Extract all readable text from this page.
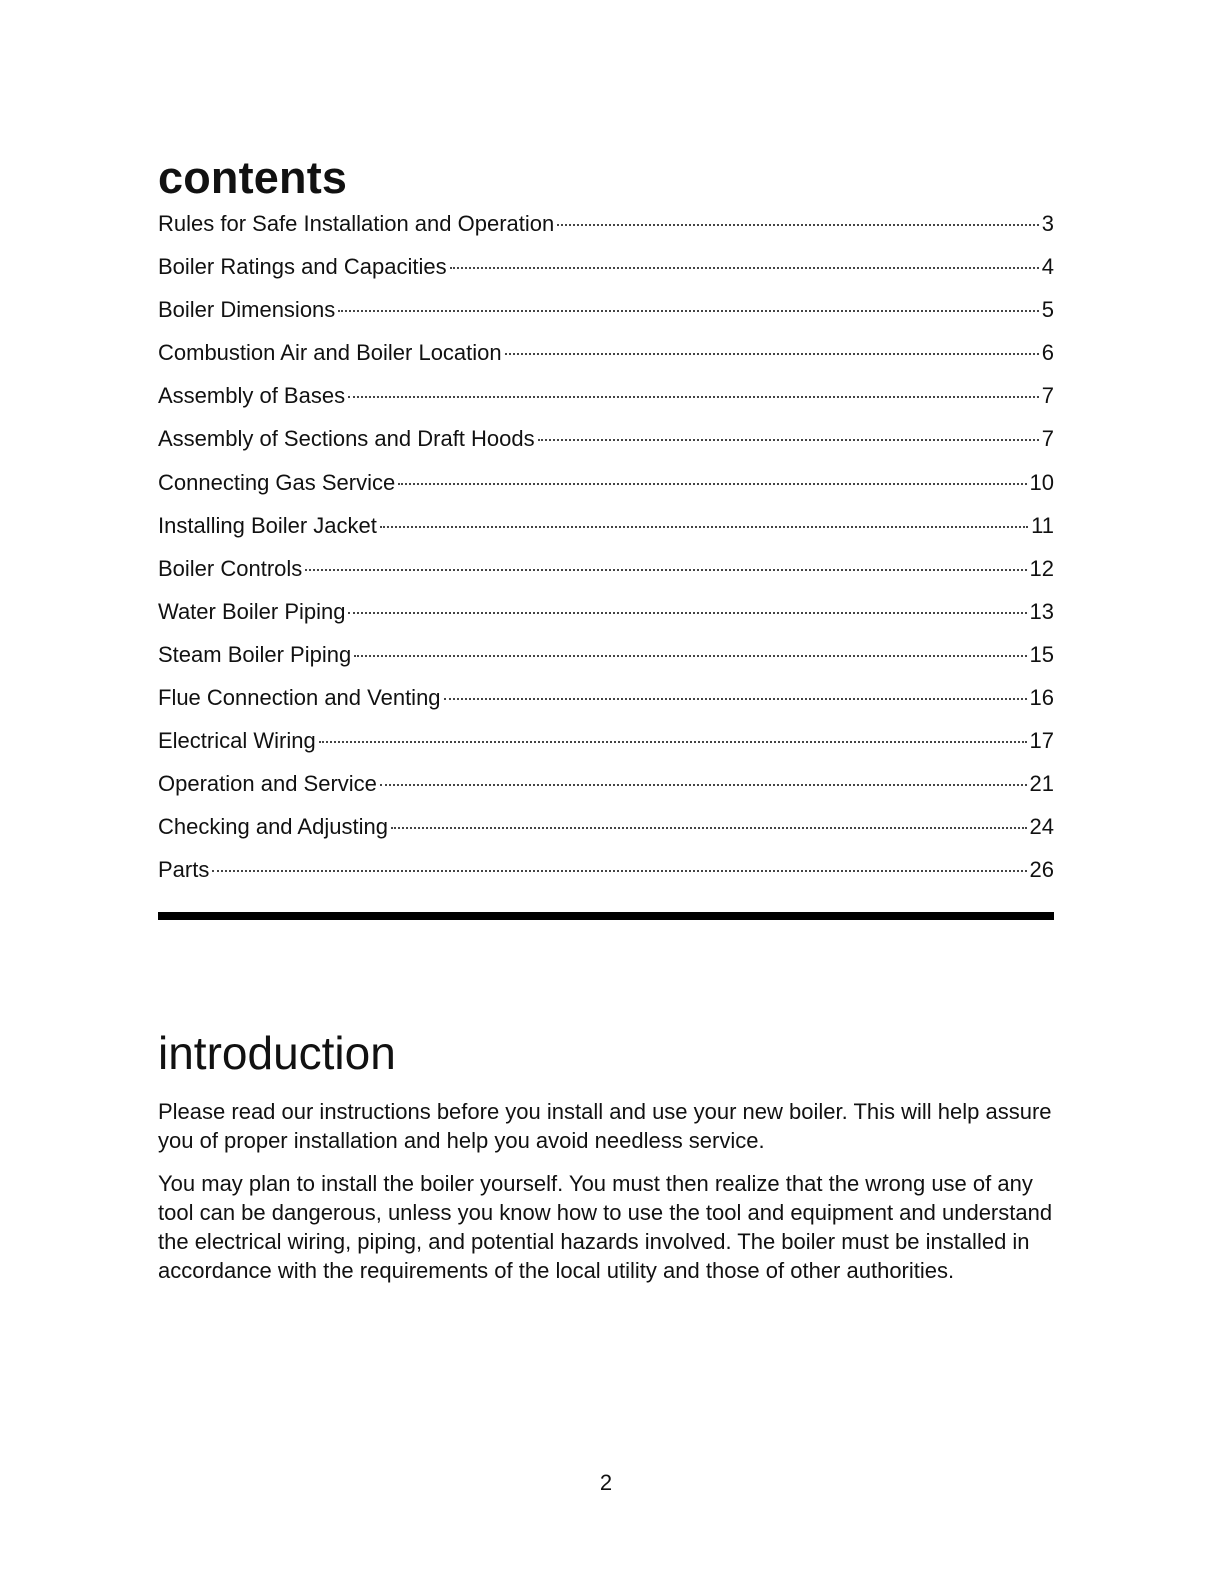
contents
Rules for Safe Installation and Operation	3
Boiler Ratings and Capacities	4
Boiler Dimensions	5
Combustion Air and Boiler Location	6
Assembly of Bases	7
Assembly of Sections and Draft Hoods	7
Connecting Gas Service	10
Installing Boiler Jacket	11
Boiler Controls	12
Water Boiler Piping	13
Steam Boiler Piping	15
Flue Connection and Venting	16
Electrical Wiring	17
Operation and Service	21
Checking and Adjusting	24
Parts	26
introduction

Please read our instructions before you install and use your new boiler. This will help assure you of proper installation and help you avoid needless service.

You may plan to install the boiler yourself. You must then realize that the wrong use of any tool can be dangerous, unless you know how to use the tool and equipment and understand the electrical wiring, piping, and potential hazards involved. The boiler must be installed in accordance with the requirements of the local utility and those of other authorities.

2
